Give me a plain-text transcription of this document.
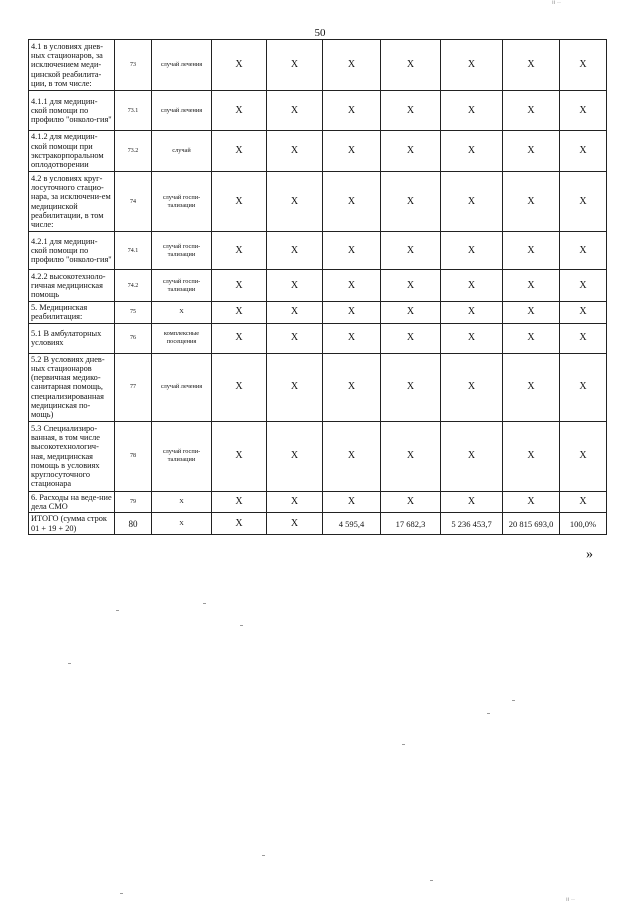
50
ıı ··
ıı ··
4.1 в условиях днев-ных стационаров, за исключением меди-цинской реабилита-ции, в том числе:	73	случай лечения	Х	Х	Х	Х	Х	Х	Х
4.1.1 для медицин-ской помощи по профилю "онколо-гия"	73.1	случай лечения	Х	Х	Х	Х	Х	Х	Х
4.1.2 для медицин-ской помощи при экстракорпоральном оплодотворении	73.2	случай	Х	Х	Х	Х	Х	Х	Х
4.2 в условиях круг-лосуточного стацио-нара, за исключени-ем медицинской реабилитации, в том числе:	74	случай госпи-тализации	Х	Х	Х	Х	Х	Х	Х
4.2.1 для медицин-ской помощи по профилю "онколо-гия"	74.1	случай госпи-тализации	Х	Х	Х	Х	Х	Х	Х
4.2.2 высокотехноло-гичная медицинская помощь	74.2	случай госпи-тализации	Х	Х	Х	Х	Х	Х	Х
5. Медицинская реабилитация:	75	Х	Х	Х	Х	Х	Х	Х	Х
5.1 В амбулаторных условиях	76	комплексные посещения	Х	Х	Х	Х	Х	Х	Х
5.2 В условиях днев-ных стационаров (первичная медико-санитарная помощь, специализированная медицинская по-мощь)	77	случай лечения	Х	Х	Х	Х	Х	Х	Х
5.3 Специализиро-ванная, в том числе высокотехнологич-ная, медицинская помощь в условиях круглосуточного стационара	78	случай госпи-тализации	Х	Х	Х	Х	Х	Х	Х
6. Расходы на веде-ние дела СМО	79	Х	Х	Х	Х	Х	Х	Х	Х
ИТОГО (сумма строк 01 + 19 + 20)	80	Х	Х	Х	4 595,4	17 682,3	5 236 453,7	20 815 693,0	100,0%
»
